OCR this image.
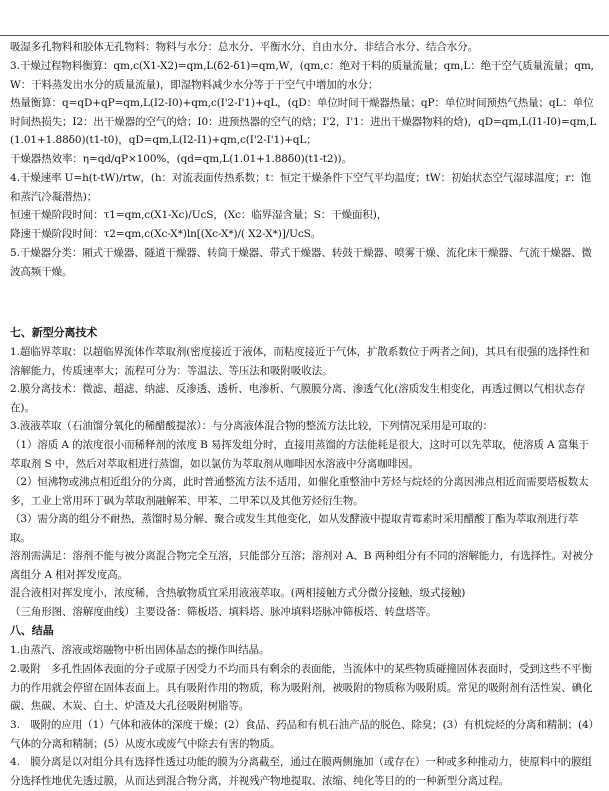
吸湿多孔物料和胶体无孔物料：物料与水分：总水分、平衡水分、自由水分、非结合水分、结合水分。

3.干燥过程物料衡算：qm,c(X1-X2)=qm,L(δ2-δ1)=qm,W，(qm,c：绝对干料的质量流量；qm,L：绝干空气质量流量；qm,W：干料蒸发出水分的质量流量)，即湿物料减少水分等于干空气中增加的水分；

热量衡算：q=qD+qP=qm,L(I2-I0)+qm,c(I'2-I'1)+qL，(qD：单位时间干燥器热量；qP：单位时间预热气热量；qL：单位时间热损失；I2：出干燥器的空气的焓；I0：进预热器的空气的焓；I'2，I'1：进出干燥器物料的焓)，qD=qm,L(I1-I0)=qm,L(1.01+1.88δ0)(t1-t0)，qD=qm,L(I2-I1)+qm,c(I'2-I'1)+qL；

干燥器热效率：η=qd/qP×100%，(qd=qm,L(1.01+1.88δ0)(t1-t2))。

4.干燥速率 U=h(t-tW)/rtw，(h：对流表面传热系数；t：恒定干燥条件下空气平均温度；tW：初始状态空气湿球温度；r：饱和蒸汽冷凝潜热)；

恒速干燥阶段时间：τ1=qm,c(X1-Xc)/UcS，(Xc：临界湿含量；S：干燥面积)，

降速干燥阶段时间：τ2=qm,c(Xc-X*)ln[(Xc-X*)/( X2-X*)]/UcS。

5.干燥器分类：厢式干燥器、隧道干燥器、转筒干燥器、带式干燥器、转鼓干燥器、喷雾干燥、流化床干燥器、气流干燥器、微波高频干燥。

七、新型分离技术

1.超临界萃取：以超临界流体作萃取剂(密度接近于液体，而粘度接近于气体，扩散系数位于两者之间)，其具有很强的选择性和溶解能力，传质速率大；流程可分为：等温法、等压法和吸附吸收法。

2.膜分离技术：微滤、超滤、纳滤、反渗透、透析、电渗析、气膜膜分离、渗透气化(溶质发生相变化，再透过侧以气相状态存在)。

3.液液萃取（石油馏分氧化的稀醋酸提浓）：与分离液体混合物的整流方法比较，下列情况采用是可取的：

（1）溶质 A 的浓度很小而稀释剂的浓度 B 易挥发组分时，直接用蒸馏的方法能耗是很大，这时可以先萃取，使溶质 A 富集于萃取剂 S 中，然后对萃取相进行蒸馏，如以氯仿为萃取剂从咖啡因水溶液中分离咖啡因。

（2）恒沸物或沸点相近组分的分离，此时普通整流方法不适用，如催化重整油中芳烃与烷烃的分离因沸点相近而需要塔板数太多，工业上常用环丁砜为萃取剂融解苯、甲苯、二甲苯以及其他芳烃衍生物。

（3）需分离的组分不耐热，蒸馏时易分解、聚合或发生其他变化，如从发酵液中提取青霉素时采用醋酸丁酯为萃取剂进行萃取。

溶剂需满足：溶剂不能与被分离混合物完全互溶，只能部分互溶；溶剂对 A、B 两种组分有不同的溶解能力，有选择性。对被分离组分 A 相对挥发度高。

混合液相对挥发度小，浓度稀，含热敏物质宜采用液液萃取。(两相接触方式分微分接触，级式接触)

（三角形图、溶解度曲线）主要设备：筛板塔、填料塔、脉冲填料塔脉冲筛板塔、转盘塔等。

八、结晶

1.由蒸汽、溶液或熔融物中析出固体晶态的操作叫结晶。

2.吸附　多孔性固体表面的分子或原子因受力不均而具有剩余的表面能，当流体中的某些物质碰撞固体表面时，受到这些不平衡力的作用就会停留在固体表面上。具有吸附作用的物质，称为吸附剂，被吸附的物质称为吸附质。常见的吸附剂有活性炭、碘化碳、焦碳、木炭、白土、炉渣及大孔径吸附树脂等。

3.　吸附的应用（1）气体和液体的深度干燥；(2）食品、药品和有机石油产品的脱色、除臭；(3）有机烷烃的分离和精制；(4）气体的分离和精制；(5）从废水或废气中除去有害的物质。

4.　膜分离是以对组分具有选择性透过功能的膜为分离截至，通过在膜两侧施加（或存在）一种或多种推动力，使原料中的膜组分选择性地优先透过膜，从而达到混合物分离，并视残产物地提取、浓缩、纯化等目的的一种新型分离过程。
